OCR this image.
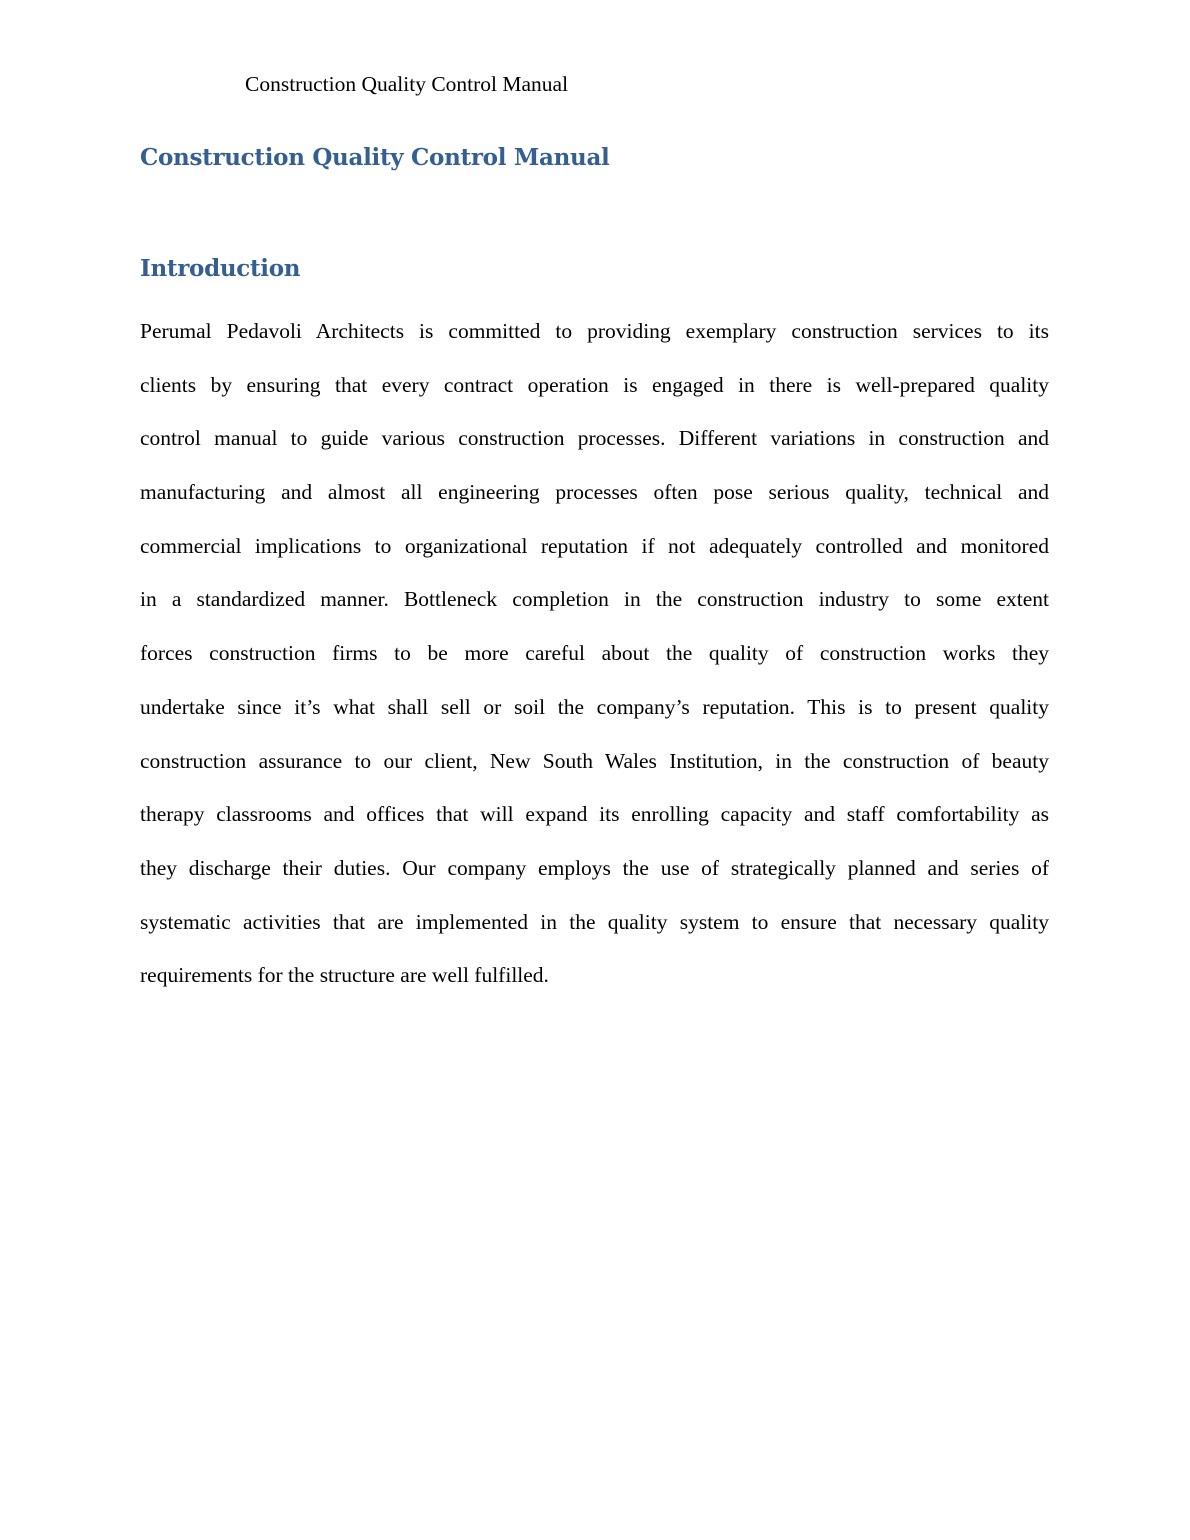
Construction Quality Control Manual
Construction Quality Control Manual
Introduction
Perumal Pedavoli Architects is committed to providing exemplary construction services to its
clients by ensuring that every contract operation is engaged in there is well-prepared quality
control manual to guide various construction processes. Different variations in construction and
manufacturing and almost all engineering processes often pose serious quality, technical and
commercial implications to organizational reputation if not adequately controlled and monitored
in a standardized manner. Bottleneck completion in the construction industry to some extent
forces construction firms to be more careful about the quality of construction works they
undertake since it’s what shall sell or soil the company’s reputation. This is to present quality
construction assurance to our client, New South Wales Institution, in the construction of beauty
therapy classrooms and offices that will expand its enrolling capacity and staff comfortability as
they discharge their duties. Our company employs the use of strategically planned and series of
systematic activities that are implemented in the quality system to ensure that necessary quality
requirements for the structure are well fulfilled.
